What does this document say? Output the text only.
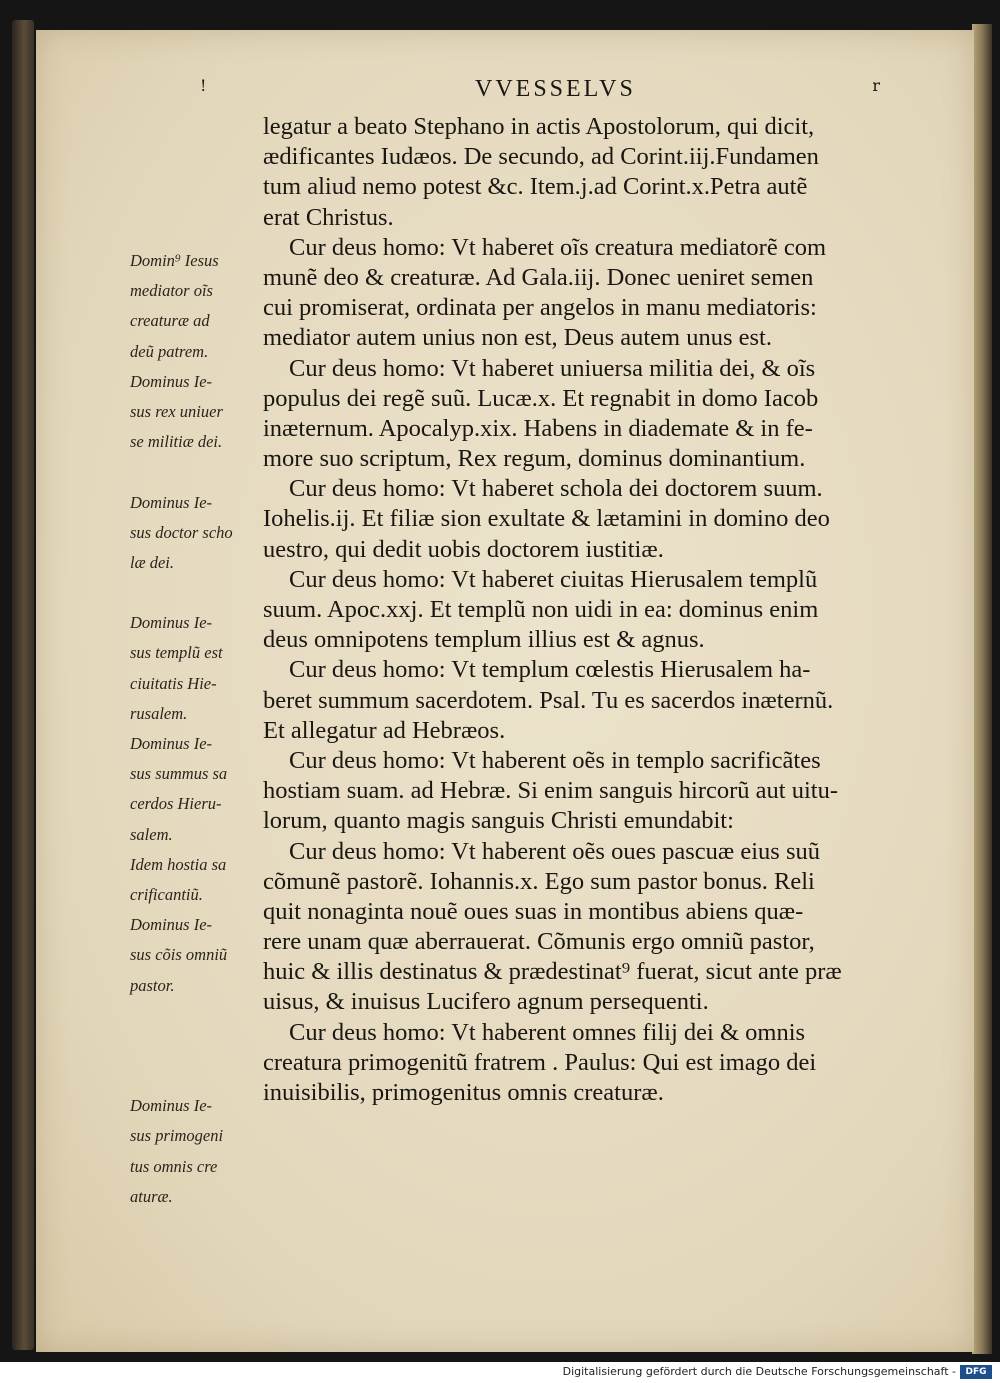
!	VVESSELVS	r
Domin⁹ Iesus
mediator oĩs
creaturæ ad
deũ patrem.
Dominus Ie-
sus rex uniuer
se militiæ dei.
Dominus Ie-
sus doctor scho
læ dei.
Dominus Ie-
sus templũ est
ciuitatis Hie-
rusalem.
Dominus Ie-
sus summus sa
cerdos Hieru-
salem.
Idem hostia sa
crificantiũ.
Dominus Ie-
sus cõis omniũ
pastor.
Dominus Ie-
sus primogeni
tus omnis cre
aturæ.
legatur a beato Stephano in actis Apostolorum, qui dicit,
ædificantes Iudæos. De secundo, ad Corint.iij.Fundamen
tum aliud nemo potest &c. Item.j.ad Corint.x.Petra autẽ
erat Christus.
Cur deus homo: Vt haberet oĩs creatura mediatorẽ com
munẽ deo & creaturæ. Ad Gala.iij. Donec ueniret semen
cui promiserat, ordinata per angelos in manu mediatoris:
mediator autem unius non est, Deus autem unus est.
Cur deus homo: Vt haberet uniuersa militia dei, & oĩs
populus dei regẽ suũ. Lucæ.x. Et regnabit in domo Iacob
inæternum. Apocalyp.xix. Habens in diademate & in fe-
more suo scriptum, Rex regum, dominus dominantium.
Cur deus homo: Vt haberet schola dei doctorem suum.
Iohelis.ij. Et filiæ sion exultate & lætamini in domino deo
uestro, qui dedit uobis doctorem iustitiæ.
Cur deus homo: Vt haberet ciuitas Hierusalem templũ
suum. Apoc.xxj. Et templũ non uidi in ea: dominus enim
deus omnipotens templum illius est & agnus.
Cur deus homo: Vt templum cœlestis Hierusalem ha-
beret summum sacerdotem. Psal. Tu es sacerdos inæternũ.
Et allegatur ad Hebræos.
Cur deus homo: Vt haberent oẽs in templo sacrificãtes
hostiam suam. ad Hebræ. Si enim sanguis hircorũ aut uitu-
lorum, quanto magis sanguis Christi emundabit:
Cur deus homo: Vt haberent oẽs oues pascuæ eius suũ
cõmunẽ pastorẽ. Iohannis.x. Ego sum pastor bonus. Reli
quit nonaginta nouẽ oues suas in montibus abiens quæ-
rere unam quæ aberrauerat. Cõmunis ergo omniũ pastor,
huic & illis destinatus & prædestinat⁹ fuerat, sicut ante præ
uisus, & inuisus Lucifero agnum persequenti.
Cur deus homo: Vt haberent omnes filij dei & omnis
creatura primogenitũ fratrem . Paulus: Qui est imago dei
inuisibilis, primogenitus omnis creaturæ.
Digitalisierung gefördert durch die Deutsche Forschungsgemeinschaft -	DFG
